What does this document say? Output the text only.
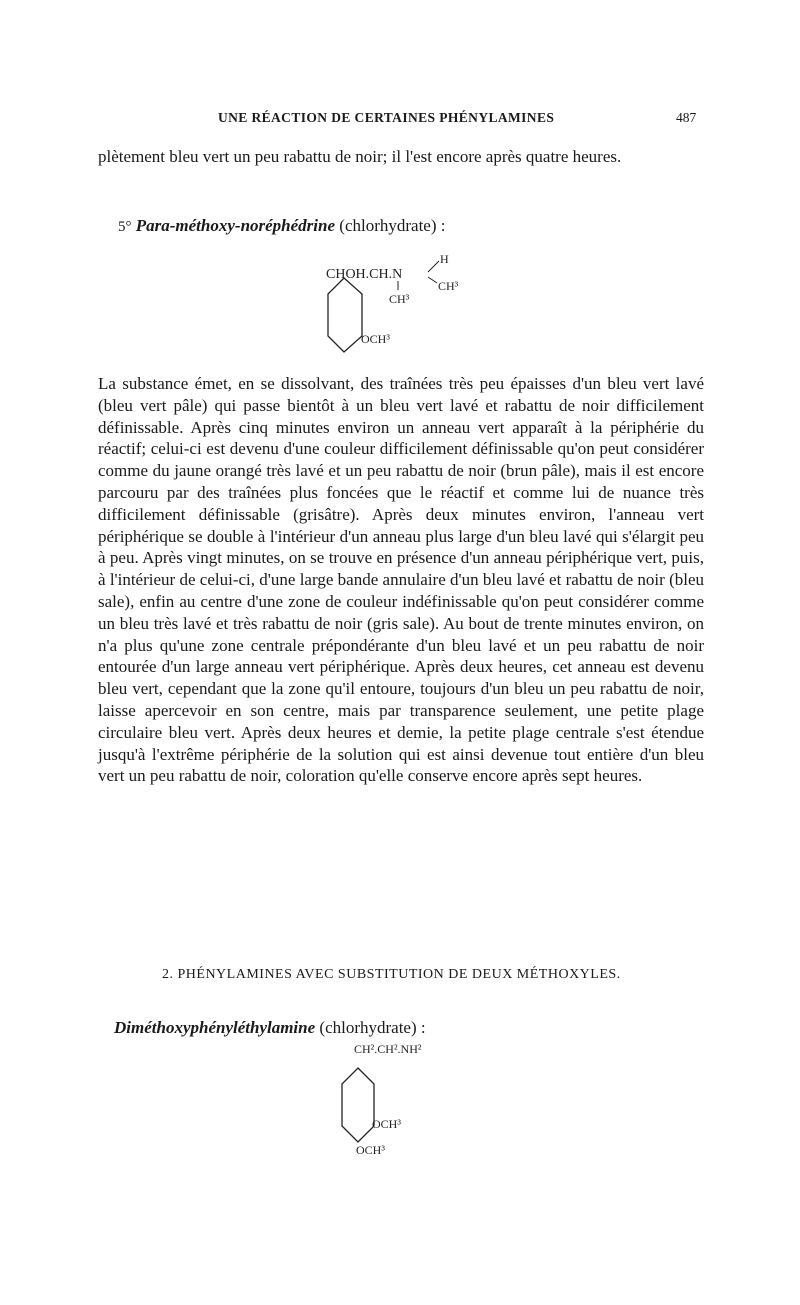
UNE RÉACTION DE CERTAINES PHÉNYLAMINES	487

plètement bleu vert un peu rabattu de noir; il l'est encore après quatre heures.

5° Para-méthoxy-noréphédrine (chlorhydrate) :
CHOH.CH.N
H
CH³
CH³
OCH³

La substance émet, en se dissolvant, des traînées très peu épaisses d'un bleu vert lavé (bleu vert pâle) qui passe bientôt à un bleu vert lavé et rabattu de noir difficilement définissable. Après cinq minutes environ un anneau vert apparaît à la périphérie du réactif; celui-ci est devenu d'une couleur difficilement définissable qu'on peut considérer comme du jaune orangé très lavé et un peu rabattu de noir (brun pâle), mais il est encore parcouru par des traînées plus foncées que le réactif et comme lui de nuance très difficilement définissable (grisâtre). Après deux minutes environ, l'anneau vert périphérique se double à l'intérieur d'un anneau plus large d'un bleu lavé qui s'élargit peu à peu. Après vingt minutes, on se trouve en présence d'un anneau périphérique vert, puis, à l'intérieur de celui-ci, d'une large bande annulaire d'un bleu lavé et rabattu de noir (bleu sale), enfin au centre d'une zone de couleur indéfinissable qu'on peut considérer comme un bleu très lavé et très rabattu de noir (gris sale). Au bout de trente minutes environ, on n'a plus qu'une zone centrale prépondérante d'un bleu lavé et un peu rabattu de noir entourée d'un large anneau vert périphérique. Après deux heures, cet anneau est devenu bleu vert, cependant que la zone qu'il entoure, toujours d'un bleu un peu rabattu de noir, laisse apercevoir en son centre, mais par transparence seulement, une petite plage circulaire bleu vert. Après deux heures et demie, la petite plage centrale s'est étendue jusqu'à l'extrême périphérie de la solution qui est ainsi devenue tout entière d'un bleu vert un peu rabattu de noir, coloration qu'elle conserve encore après sept heures.

2. PHÉNYLAMINES AVEC SUBSTITUTION DE DEUX MÉTHOXYLES.
Diméthoxyphényléthylamine (chlorhydrate) :
CH².CH².NH²
OCH³
OCH³
